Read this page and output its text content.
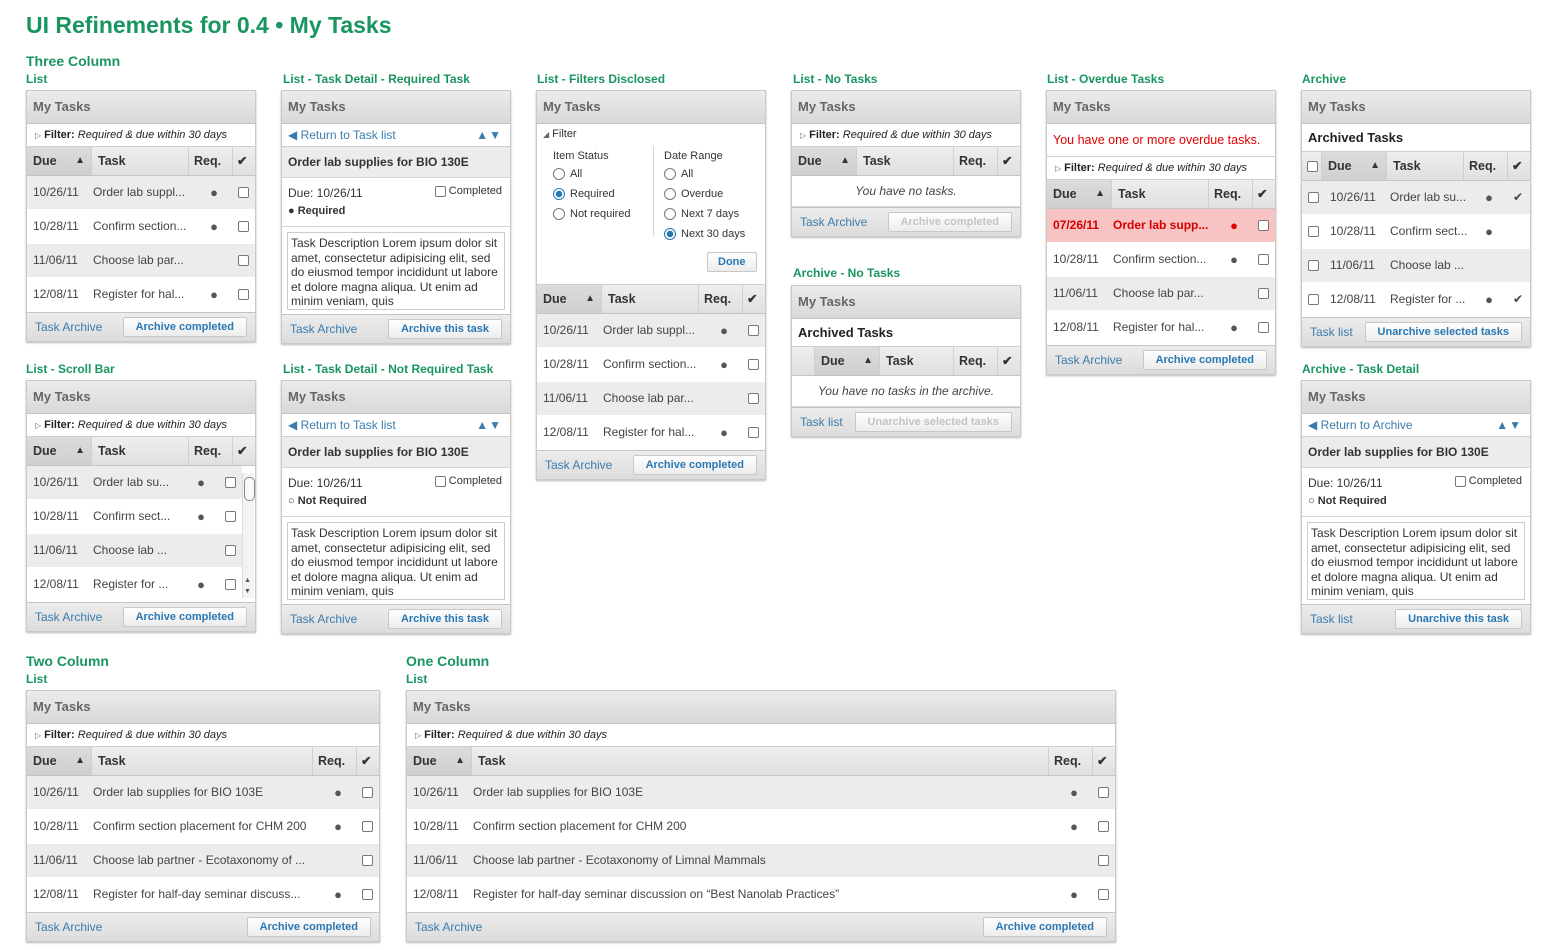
UI Refinements for 0.4 • My Tasks
Three Column
Two Column	One Column
List	List - Task Detail - Required Task	List - Filters Disclosed	List - No Tasks	List - Overdue Tasks	Archive
List - Scroll Bar	List - Task Detail - Not Required Task
Archive - No Tasks
Archive - Task Detail
List	List
My Tasks
▷ Filter: Required & due within 30 days
Due ▲	Task	Req.	✔
10/26/11	Order lab suppl...	●
10/28/11	Confirm section...	●
11/06/11	Choose lab par...
12/08/11	Register for hal...	●
Task Archive	Archive completed
My Tasks
◀ Return to Task list	▲▼
Order lab supplies for BIO 130E
Due: 10/26/11
● Required
Completed
Task Description Lorem ipsum dolor sit amet, consectetur adipisicing elit, sed do eiusmod tempor incididunt ut labore et dolore magna aliqua. Ut enim ad minim veniam, quis
Task Archive	Archive this task
My Tasks
◢ Filter
Item Status
All
Required
Not required
Date Range
All
Overdue
Next 7 days
Next 30 days
Done
Due ▲	Task	Req.	✔
10/26/11	Order lab suppl...	●
10/28/11	Confirm section...	●
11/06/11	Choose lab par...
12/08/11	Register for hal...	●
Task Archive	Archive completed
My Tasks
▷ Filter: Required & due within 30 days
Due ▲	Task	Req.	✔
You have no tasks.
Task Archive	Archive completed
My Tasks
Archived Tasks
Due ▲	Task	Req.	✔
You have no tasks in the archive.
Task list	Unarchive selected tasks
My Tasks
You have one or more overdue tasks.
▷ Filter: Required & due within 30 days
Due ▲	Task	Req.	✔
07/26/11	Order lab supp...	●
10/28/11	Confirm section...	●
11/06/11	Choose lab par...
12/08/11	Register for hal...	●
Task Archive	Archive completed
My Tasks
Archived Tasks
Due ▲	Task	Req.	✔
10/26/11	Order lab su...	●	✔
10/28/11	Confirm sect...	●
11/06/11	Choose lab ...
12/08/11	Register for ...	●	✔
Task list	Unarchive selected tasks
My Tasks
▷ Filter: Required & due within 30 days
Due ▲	Task	Req.	✔
10/26/11	Order lab su...	●
10/28/11	Confirm sect...	●
11/06/11	Choose lab ...
12/08/11	Register for ...	●	▲
▼
Task Archive	Archive completed
My Tasks
◀ Return to Task list	▲▼
Order lab supplies for BIO 130E
Due: 10/26/11
○ Not Required
Completed
Task Description Lorem ipsum dolor sit amet, consectetur adipisicing elit, sed do eiusmod tempor incididunt ut labore et dolore magna aliqua. Ut enim ad minim veniam, quis
Task Archive	Archive this task
My Tasks
◀ Return to Archive	▲▼
Order lab supplies for BIO 130E
Due: 10/26/11
○ Not Required
Completed
Task Description Lorem ipsum dolor sit amet, consectetur adipisicing elit, sed do eiusmod tempor incididunt ut labore et dolore magna aliqua. Ut enim ad minim veniam, quis
Task list	Unarchive this task
My Tasks
▷ Filter: Required & due within 30 days
Due ▲	Task	Req.	✔
10/26/11	Order lab supplies for BIO 103E	●
10/28/11	Confirm section placement for CHM 200	●
11/06/11	Choose lab partner - Ecotaxonomy of ...
12/08/11	Register for half-day seminar discuss...	●
Task Archive	Archive completed
My Tasks
▷ Filter: Required & due within 30 days
Due ▲	Task	Req.	✔
10/26/11	Order lab supplies for BIO 103E	●
10/28/11	Confirm section placement for CHM 200	●
11/06/11	Choose lab partner - Ecotaxonomy of Limnal Mammals
12/08/11	Register for half-day seminar discussion on “Best Nanolab Practices”	●
Task Archive	Archive completed
